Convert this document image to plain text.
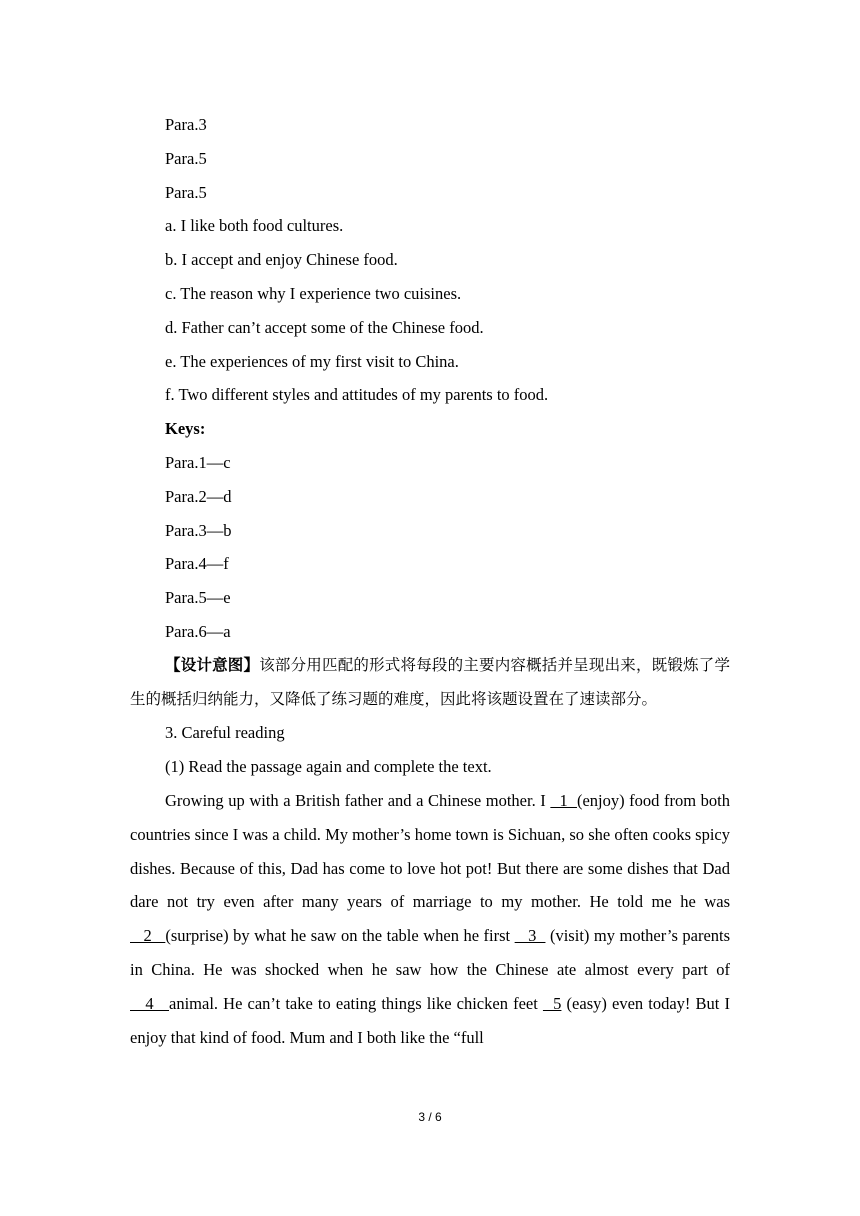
Para.3
Para.5
Para.5
a. I like both food cultures.
b. I accept and enjoy Chinese food.
c. The reason why I experience two cuisines.
d. Father can’t accept some of the Chinese food.
e. The experiences of my first visit to China.
f. Two different styles and attitudes of my parents to food.
Keys:
Para.1—c
Para.2—d
Para.3—b
Para.4—f
Para.5—e
Para.6—a
【设计意图】该部分用匹配的形式将每段的主要内容概括并呈现出来，既锻炼了学生的概括归纳能力，又降低了练习题的难度，因此将该题设置在了速读部分。
3. Careful reading
(1) Read the passage again and complete the text.
Growing up with a British father and a Chinese mother. I   1  (enjoy) food from both countries since I was a child. My mother’s home town is Sichuan, so she often cooks spicy dishes. Because of this, Dad has come to love hot pot! But there are some dishes that Dad dare not try even after many years of marriage to my mother. He told me he was    2   (surprise) by what he saw on the table when he first    3   (visit) my mother’s parents in China. He was shocked when he saw how the Chinese ate almost every part of    4   animal. He can’t take to eating things like chicken feet   5 (easy) even today! But I enjoy that kind of food. Mum and I both like the “full
3 / 6
